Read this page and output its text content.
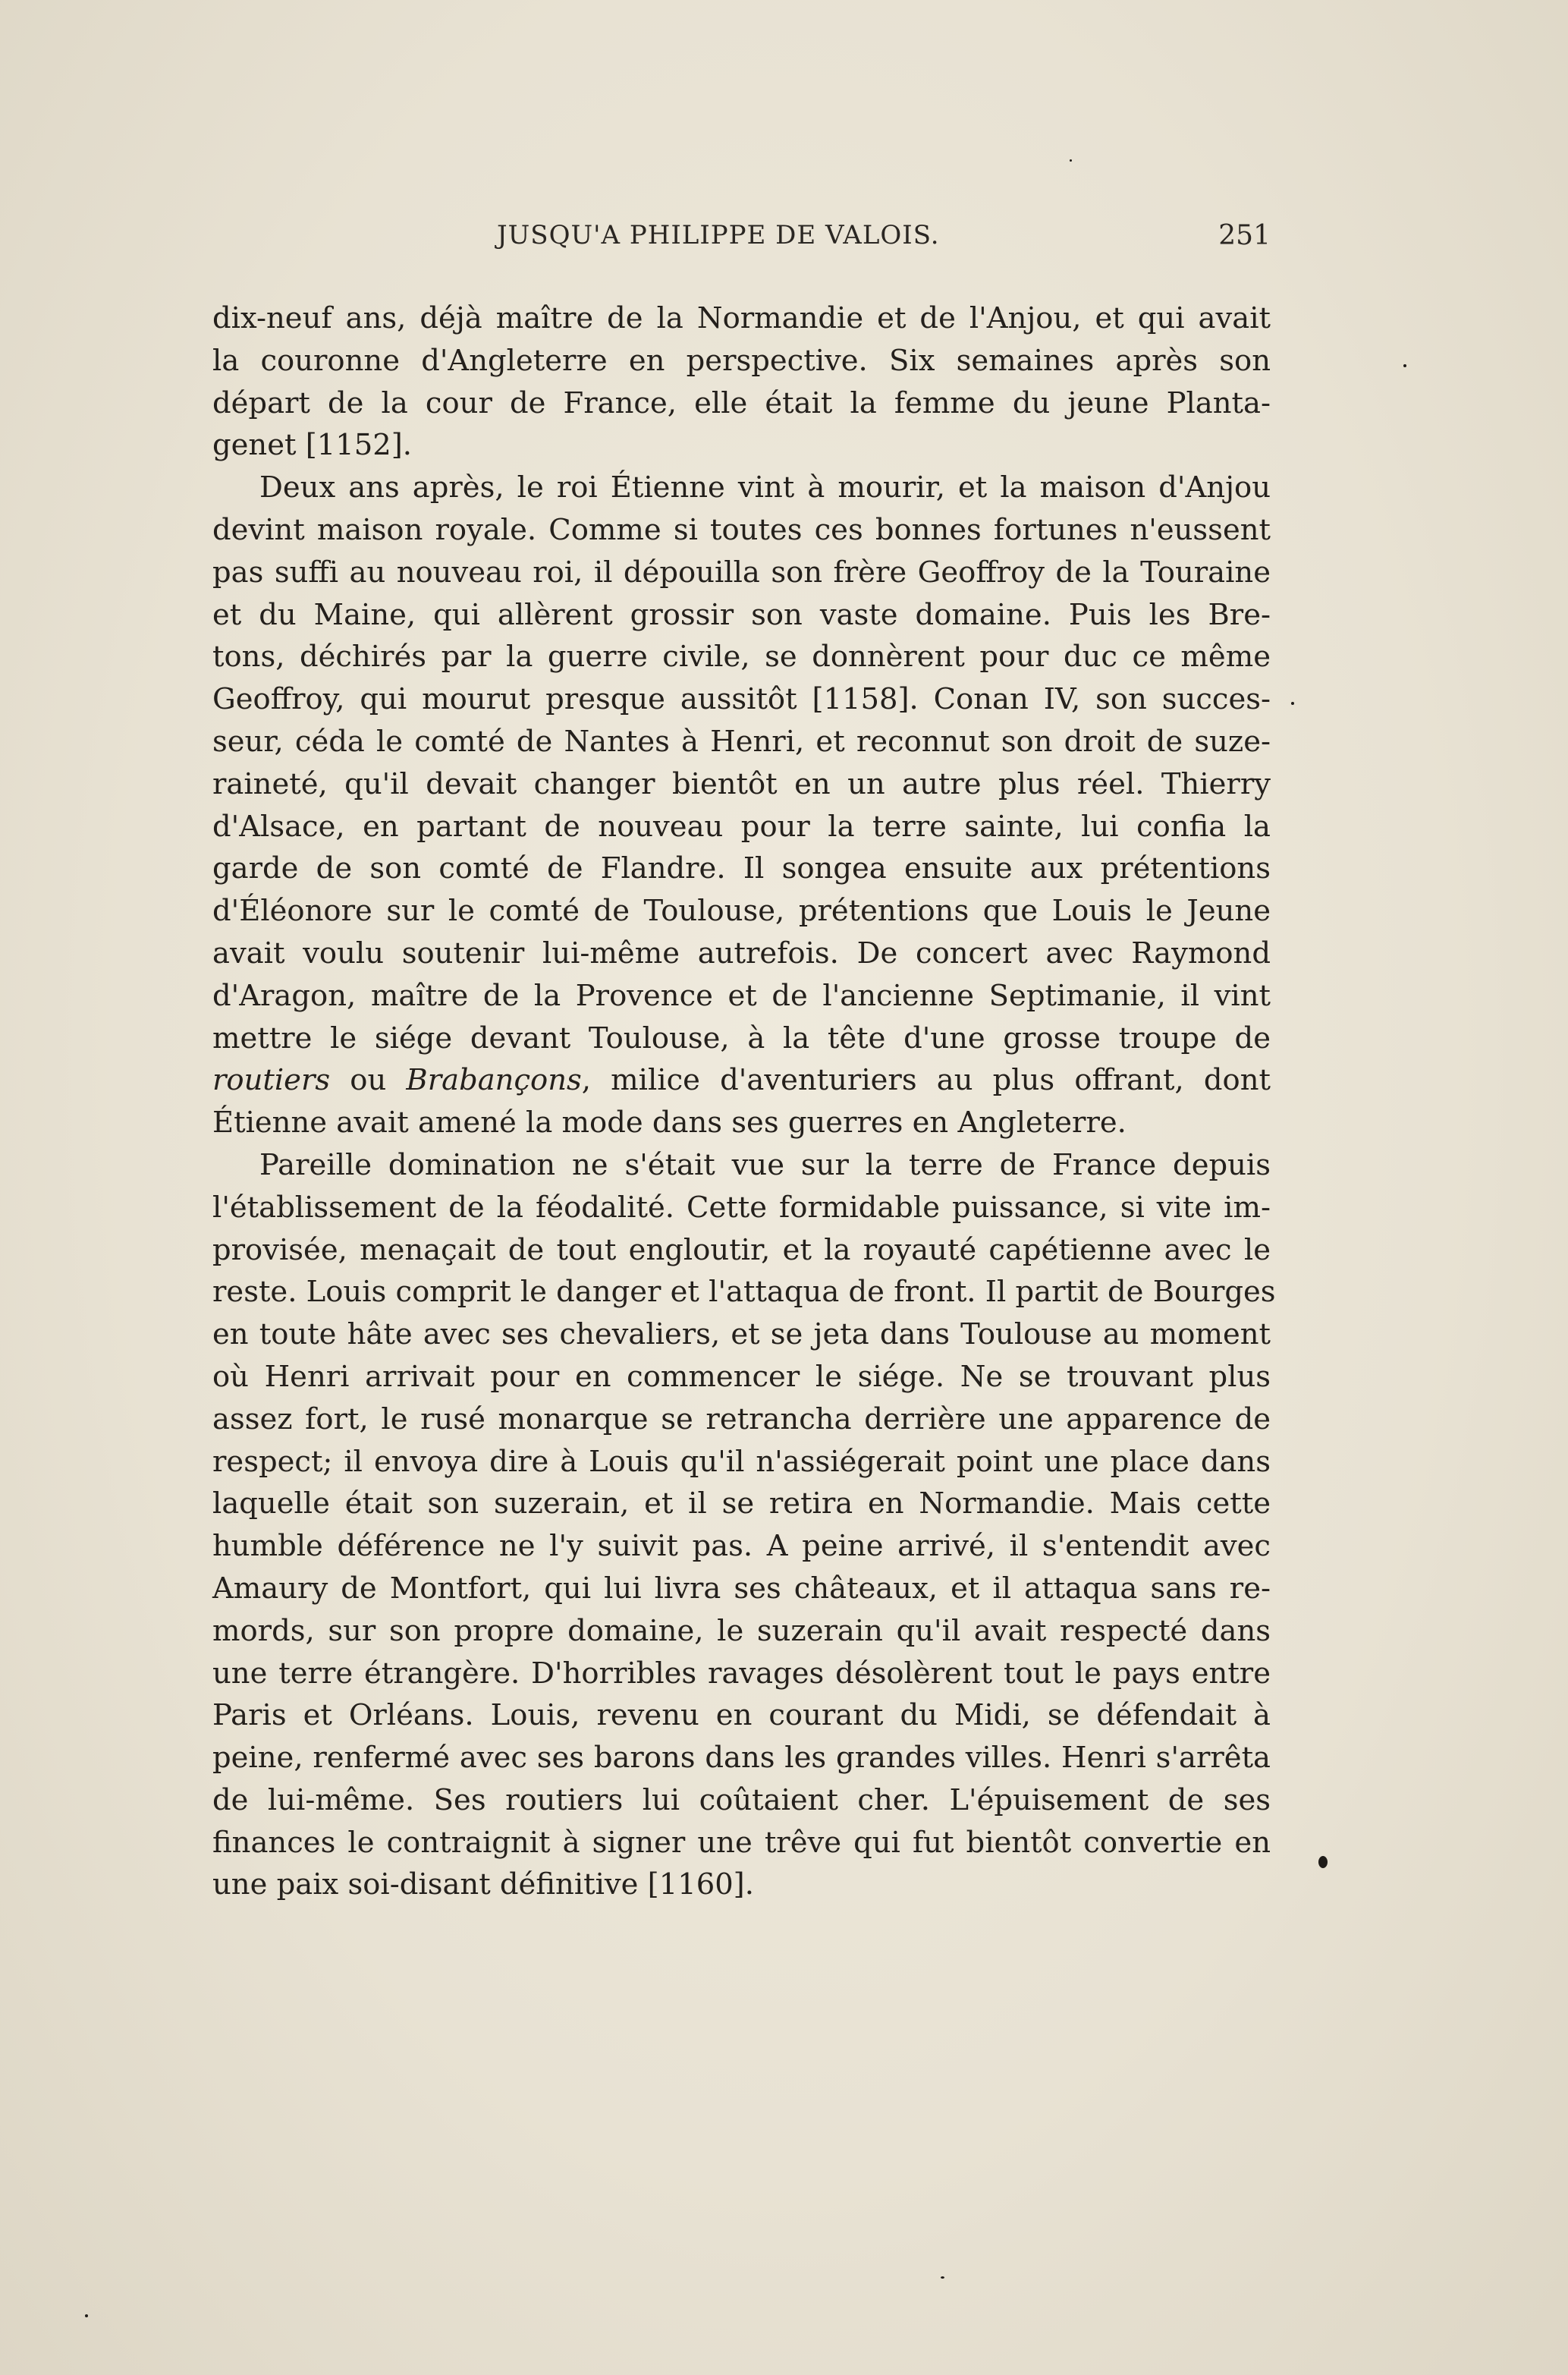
JUSQU'A PHILIPPE DE VALOIS.	251
dix-neuf ans, déjà maître de la Normandie et de l'Anjou, et qui avait
la couronne d'Angleterre en perspective. Six semaines après son
départ de la cour de France, elle était la femme du jeune Planta-
genet [1152].
Deux ans après, le roi Étienne vint à mourir, et la maison d'Anjou
devint maison royale. Comme si toutes ces bonnes fortunes n'eussent
pas suffi au nouveau roi, il dépouilla son frère Geoffroy de la Touraine
et du Maine, qui allèrent grossir son vaste domaine. Puis les Bre-
tons, déchirés par la guerre civile, se donnèrent pour duc ce même
Geoffroy, qui mourut presque aussitôt [1158]. Conan IV, son succes-
seur, céda le comté de Nantes à Henri, et reconnut son droit de suze-
raineté, qu'il devait changer bientôt en un autre plus réel. Thierry
d'Alsace, en partant de nouveau pour la terre sainte, lui confia la
garde de son comté de Flandre. Il songea ensuite aux prétentions
d'Éléonore sur le comté de Toulouse, prétentions que Louis le Jeune
avait voulu soutenir lui-même autrefois. De concert avec Raymond
d'Aragon, maître de la Provence et de l'ancienne Septimanie, il vint
mettre le siége devant Toulouse, à la tête d'une grosse troupe de
routiers ou Brabançons, milice d'aventuriers au plus offrant, dont
Étienne avait amené la mode dans ses guerres en Angleterre.
Pareille domination ne s'était vue sur la terre de France depuis
l'établissement de la féodalité. Cette formidable puissance, si vite im-
provisée, menaçait de tout engloutir, et la royauté capétienne avec le
reste. Louis comprit le danger et l'attaqua de front. Il partit de Bourges
en toute hâte avec ses chevaliers, et se jeta dans Toulouse au moment
où Henri arrivait pour en commencer le siége. Ne se trouvant plus
assez fort, le rusé monarque se retrancha derrière une apparence de
respect; il envoya dire à Louis qu'il n'assiégerait point une place dans
laquelle était son suzerain, et il se retira en Normandie. Mais cette
humble déférence ne l'y suivit pas. A peine arrivé, il s'entendit avec
Amaury de Montfort, qui lui livra ses châteaux, et il attaqua sans re-
mords, sur son propre domaine, le suzerain qu'il avait respecté dans
une terre étrangère. D'horribles ravages désolèrent tout le pays entre
Paris et Orléans. Louis, revenu en courant du Midi, se défendait à
peine, renfermé avec ses barons dans les grandes villes. Henri s'arrêta
de lui-même. Ses routiers lui coûtaient cher. L'épuisement de ses
finances le contraignit à signer une trêve qui fut bientôt convertie en
une paix soi-disant définitive [1160].
